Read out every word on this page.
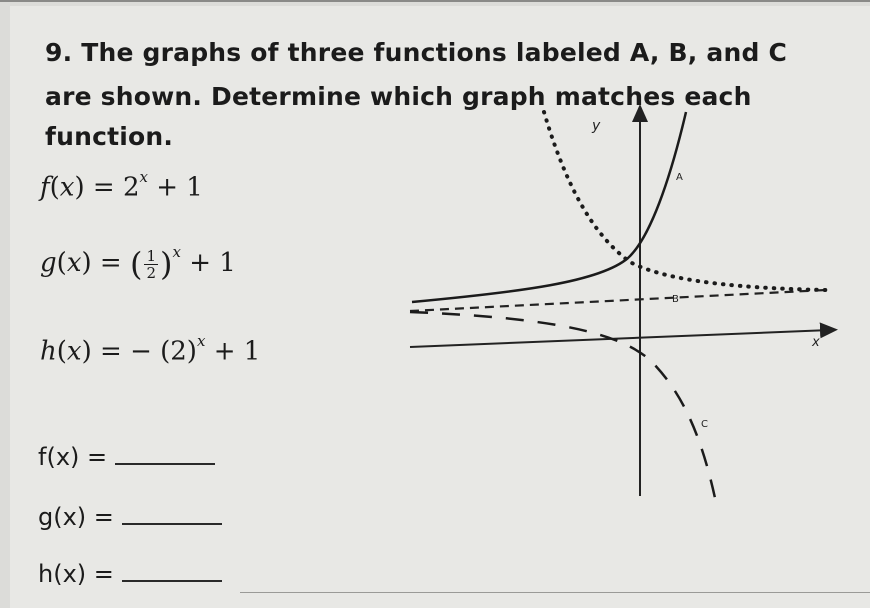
9. The graphs of three functions labeled A, B, and C
are shown. Determine which graph matches each
function.
$f(x) = 2^x + 1$
g(x) = ( $\frac{1}{2} )^x + 1$
h(x) = − $(2)^x + 1$
f(x) =
g(x) =
h(x) =
y
x
A
B
C
